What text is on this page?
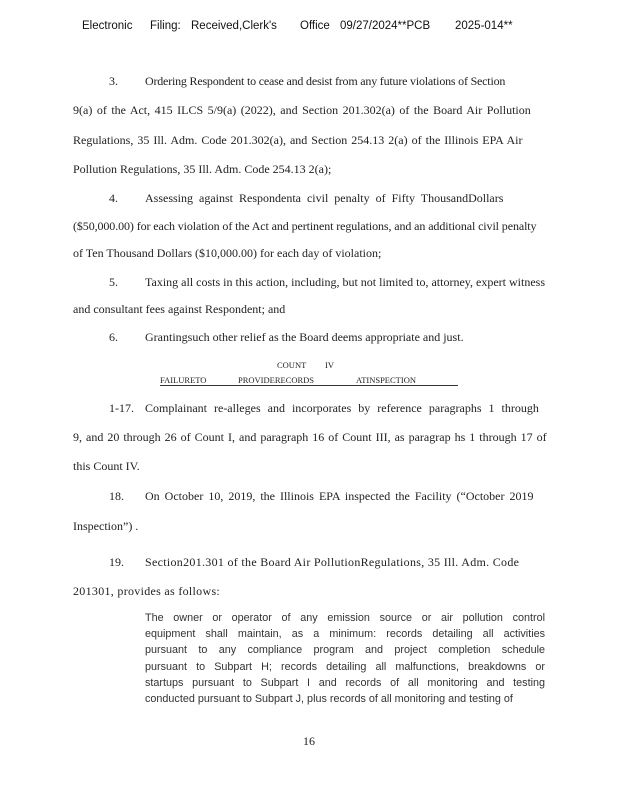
Electronic Filing: Received,Clerk's Office 09/27/2024**PCB 2025-014**
3. Ordering Respondent to cease and desist from any future violations of Section
9(a) of the Act, 415 ILCS 5/9(a) (2022), and Section 201.302(a) of the Board Air Pollution
Regulations, 35 Ill. Adm. Code 201.302(a), and Section 254.13 2(a) of the Illinois EPA Air
Pollution Regulations, 35 Ill. Adm. Code 254.13 2(a);
4. Assessing against Respondenta civil penalty of Fifty ThousandDollars
($50,000.00) for each violation of the Act and pertinent regulations, and an additional civil penalty
of Ten Thousand Dollars ($10,000.00) for each day of violation;
5. Taxing all costs in this action, including, but not limited to, attorney, expert witness
and consultant fees against Respondent; and
6. Grantingsuch other relief as the Board deems appropriate and just.
COUNT IV
FAILURETO	PROVIDERECORDS	ATINSPECTION
1-17. Complainant re-alleges and incorporates by reference paragraphs 1 through
9, and 20 through 26 of Count I, and paragraph 16 of Count III, as paragrap hs 1 through 17 of
this Count IV.
18. On October 10, 2019, the Illinois EPA inspected the Facility (“October 2019
Inspection”) .
19. Section201.301 of the Board Air PollutionRegulations, 35 Ill. Adm. Code
201301, provides as follows:
The owner or operator of any emission source or air pollution control
equipment shall maintain, as a minimum: records detailing all activities
pursuant to any compliance program and project completion schedule
pursuant to Subpart H; records detailing all malfunctions, breakdowns or
startups pursuant to Subpart I and records of all monitoring and testing
conducted pursuant to Subpart J, plus records of all monitoring and testing of
16
